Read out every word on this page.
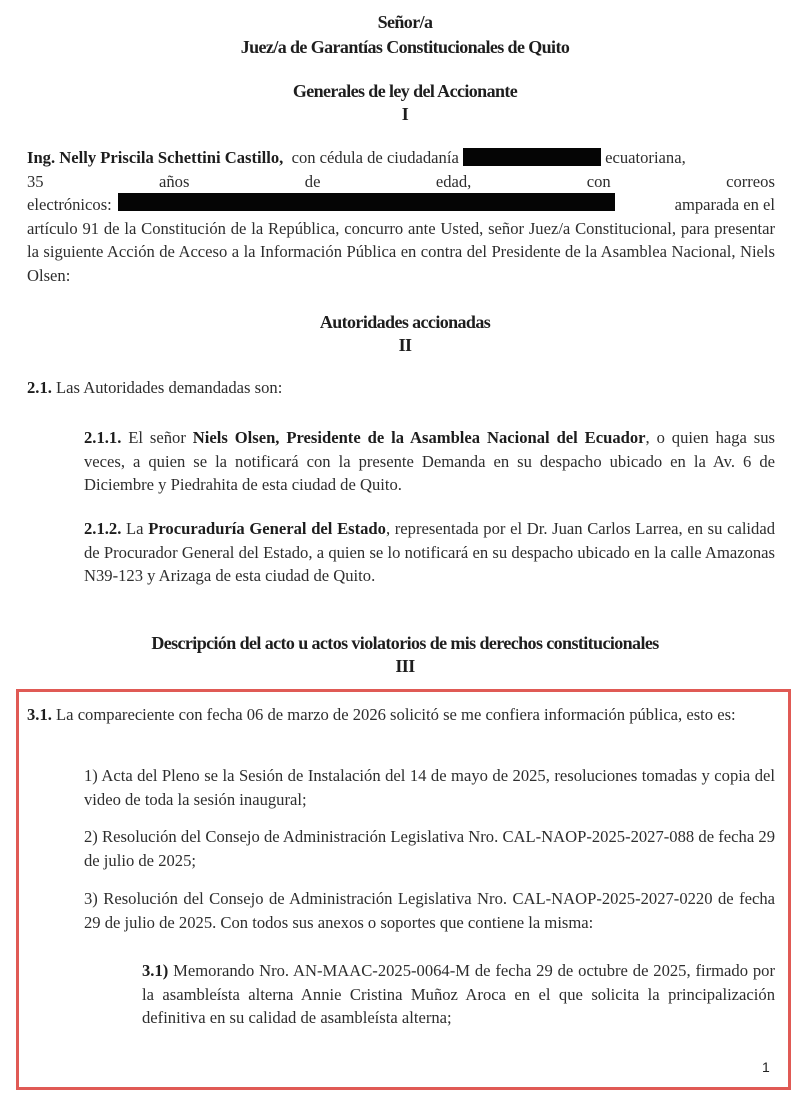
Señor/a
Juez/a de Garantías Constitucionales de Quito
Generales de ley del Accionante
I
Ing. Nelly Priscila Schettini Castillo, con cédula de ciudadanía	ecuatoriana,
35	años	de	edad,	con	correos
electrónicos:	amparada en el
artículo 91 de la Constitución de la República, concurro ante Usted, señor Juez/a Constitucional, para presentar la siguiente Acción de Acceso a la Información Pública en contra del Presidente de la Asamblea Nacional, Niels Olsen:
Autoridades accionadas
II
2.1. Las Autoridades demandadas son:
2.1.1. El señor Niels Olsen, Presidente de la Asamblea Nacional del Ecuador, o quien haga sus veces, a quien se la notificará con la presente Demanda en su despacho ubicado en la Av. 6 de Diciembre y Piedrahita de esta ciudad de Quito.
2.1.2. La Procuraduría General del Estado, representada por el Dr. Juan Carlos Larrea, en su calidad de Procurador General del Estado, a quien se lo notificará en su despacho ubicado en la calle Amazonas N39-123 y Arizaga de esta ciudad de Quito.
Descripción del acto u actos violatorios de mis derechos constitucionales
III
3.1. La compareciente con fecha 06 de marzo de 2026 solicitó se me confiera información pública, esto es:
1) Acta del Pleno se la Sesión de Instalación del 14 de mayo de 2025, resoluciones tomadas y copia del video de toda la sesión inaugural;
2) Resolución del Consejo de Administración Legislativa Nro. CAL-NAOP-2025-2027-088 de fecha 29 de julio de 2025;
3) Resolución del Consejo de Administración Legislativa Nro. CAL-NAOP-2025-2027-0220 de fecha 29 de julio de 2025. Con todos sus anexos o soportes que contiene la misma:
3.1) Memorando Nro. AN-MAAC-2025-0064-M de fecha 29 de octubre de 2025, firmado por la asambleísta alterna Annie Cristina Muñoz Aroca en el que solicita la principalización definitiva en su calidad de asambleísta alterna;
1
